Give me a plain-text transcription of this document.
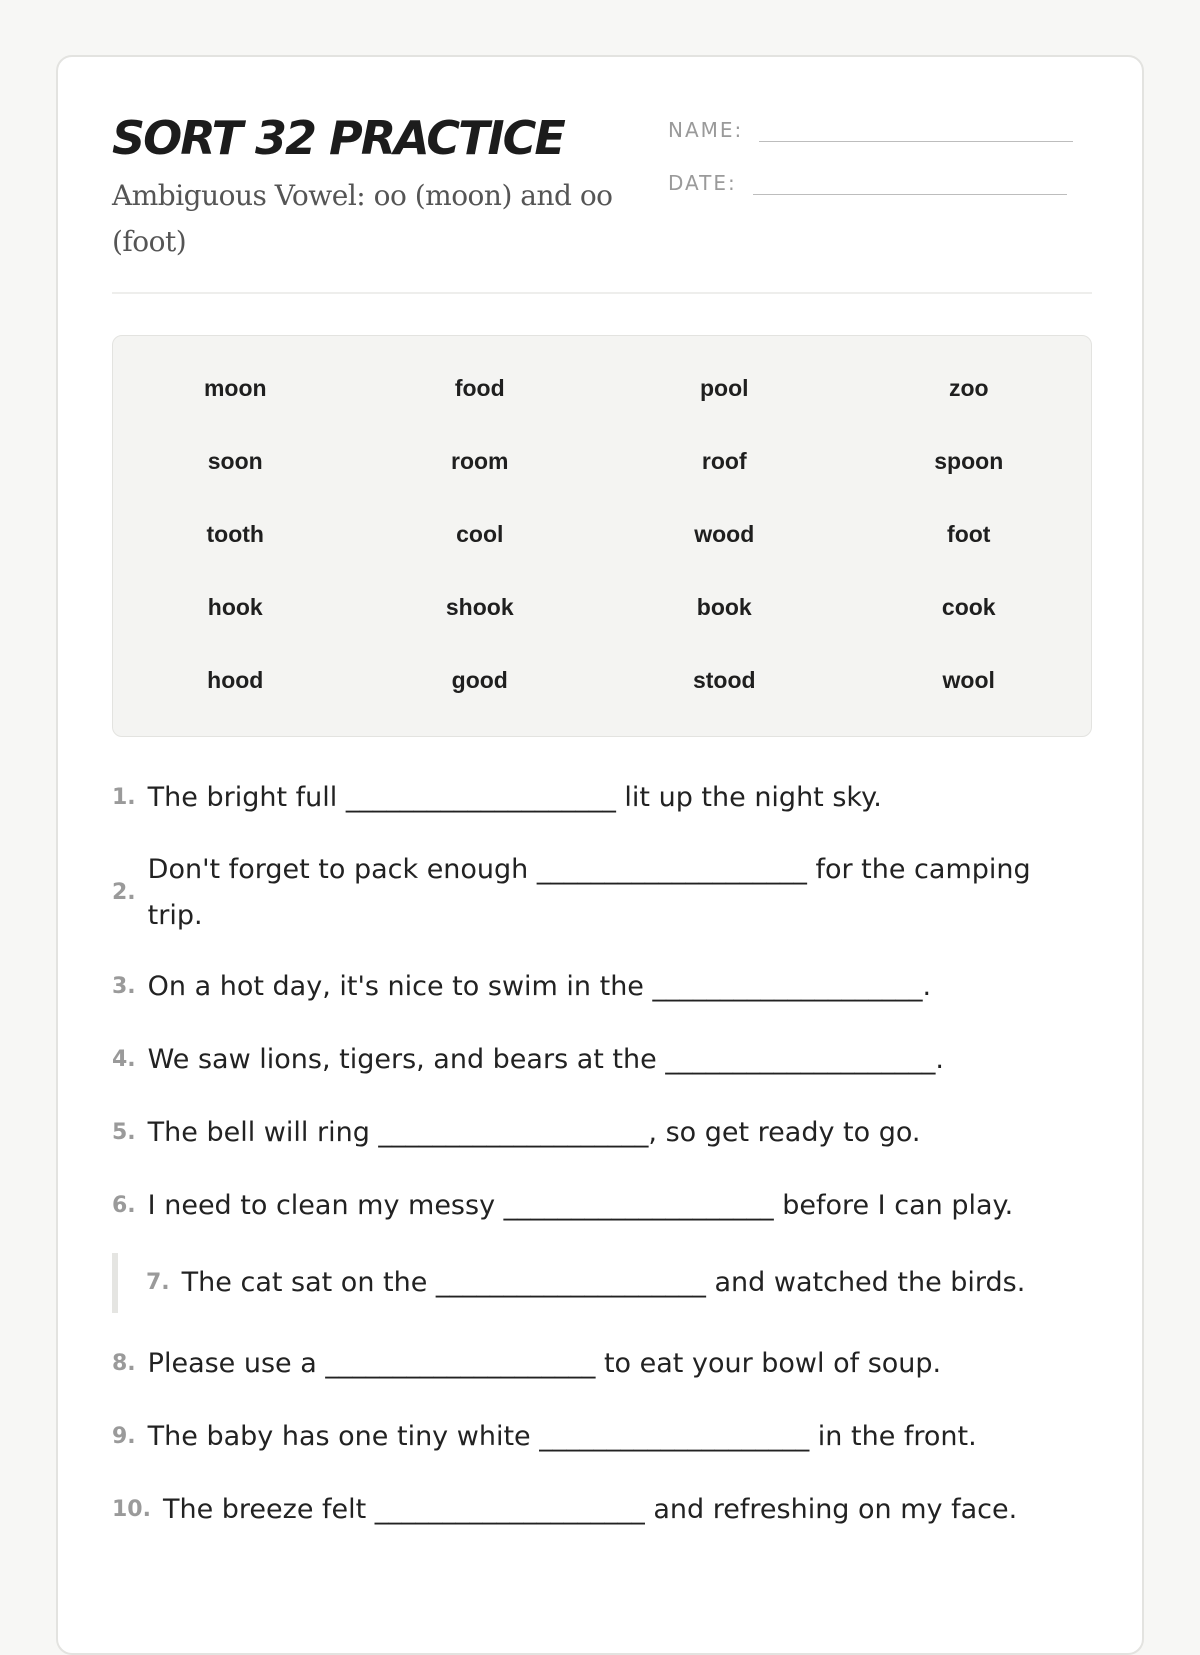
SORT 32 PRACTICE
Ambiguous Vowel: oo (moon) and oo (foot)
NAME:
DATE:
moon	food	pool	zoo
soon	room	roof	spoon
tooth	cool	wood	foot
hook	shook	book	cook
hood	good	stood	wool
1. The bright full ____________________ lit up the night sky.
2.
Don't forget to pack enough ____________________ for the camping trip.
3. On a hot day, it's nice to swim in the ____________________.
4. We saw lions, tigers, and bears at the ____________________.
5. The bell will ring ____________________, so get ready to go.
6. I need to clean my messy ____________________ before I can play.
7. The cat sat on the ____________________ and watched the birds.
8. Please use a ____________________ to eat your bowl of soup.
9. The baby has one tiny white ____________________ in the front.
10. The breeze felt ____________________ and refreshing on my face.
